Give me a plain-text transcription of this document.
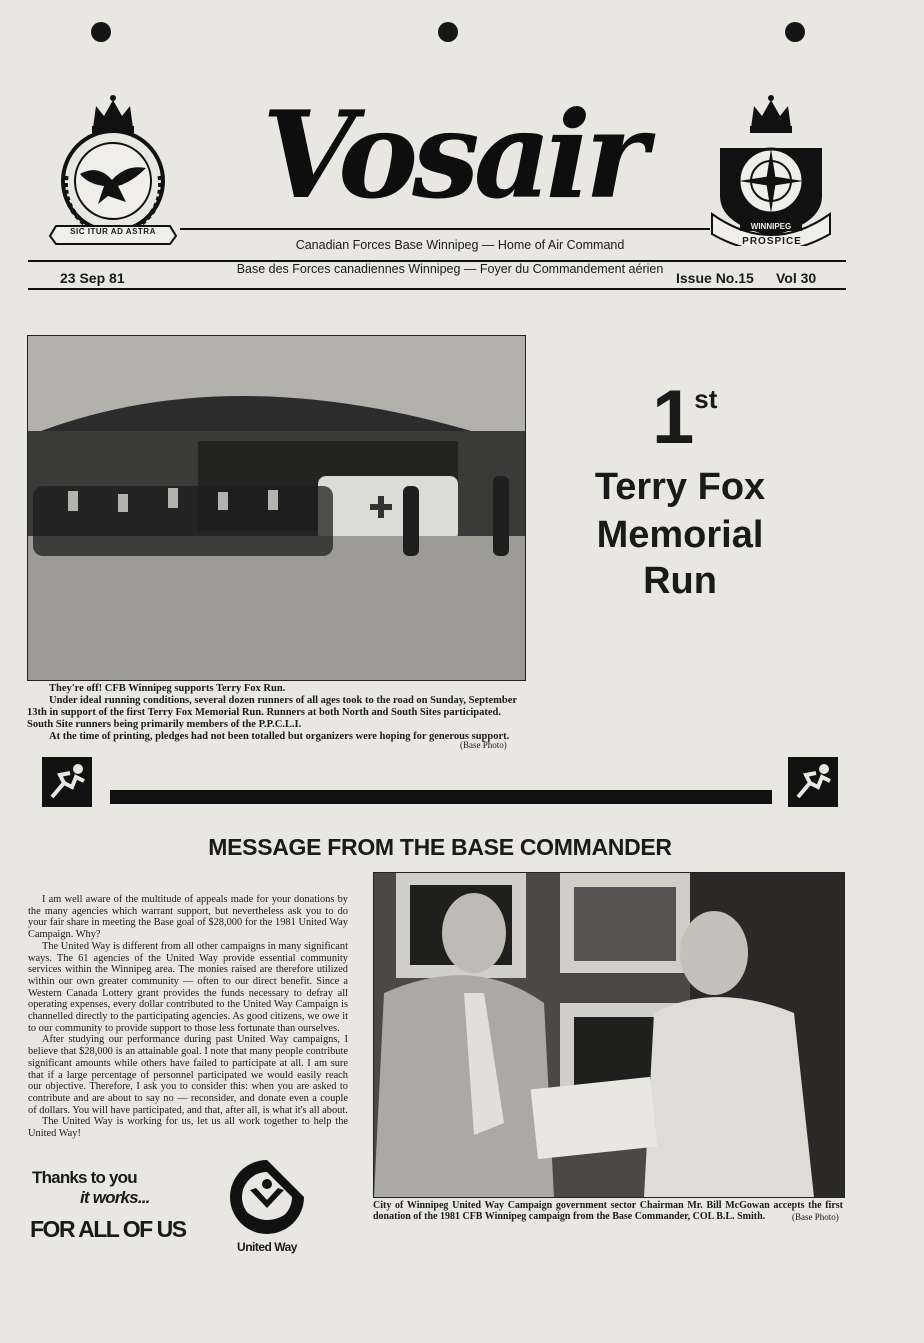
SIC ITUR AD ASTRA
WINNIPEG
PROSPICE
Vosair
Canadian Forces Base Winnipeg — Home of Air Command
Base des Forces canadiennes Winnipeg — Foyer du Commandement aérien
23 Sep 81	Issue No.15 Vol 30
1st
Terry Fox
Memorial
Run
They're off! CFB Winnipeg supports Terry Fox Run.
Under ideal running conditions, several dozen runners of all ages took to the road on Sunday, September 13th in support of the first Terry Fox Memorial Run. Runners at both North and South Sites participated. South Site runners being primarily members of the P.P.C.L.I.
At the time of printing, pledges had not been totalled but organizers were hoping for generous support.
(Base Photo)
MESSAGE FROM THE BASE COMMANDER

I am well aware of the multitude of appeals made for your donations by the many agencies which warrant support, but nevertheless ask you to do your fair share in meeting the Base goal of $28,000 for the 1981 United Way Campaign. Why?

The United Way is different from all other campaigns in many significant ways. The 61 agencies of the United Way provide essential community services within the Winnipeg area. The monies raised are therefore utilized within our own greater community — often to our direct benefit. Since a Western Canada Lottery grant provides the funds necessary to defray all operating expenses, every dollar contributed to the United Way Campaign is channelled directly to the participating agencies. As good citizens, we owe it to our community to provide support to those less fortunate than ourselves.

After studying our performance during past United Way campaigns, I believe that $28,000 is an attainable goal. I note that many people contribute significant amounts while others have failed to participate at all. I am sure that if a large percentage of personnel participated we would easily reach our objective. Therefore, I ask you to consider this: when you are asked to contribute and are about to say no — reconsider, and donate even a couple of dollars. You will have participated, and that, after all, is what it's all about.

The United Way is working for us, let us all work together to help the United Way!

Thanks to you
it works...
FOR ALL OF US
United Way
City of Winnipeg United Way Campaign government sector Chairman Mr. Bill McGowan accepts the first donation of the 1981 CFB Winnipeg campaign from the Base Commander, COL B.L. Smith.	(Base Photo)
